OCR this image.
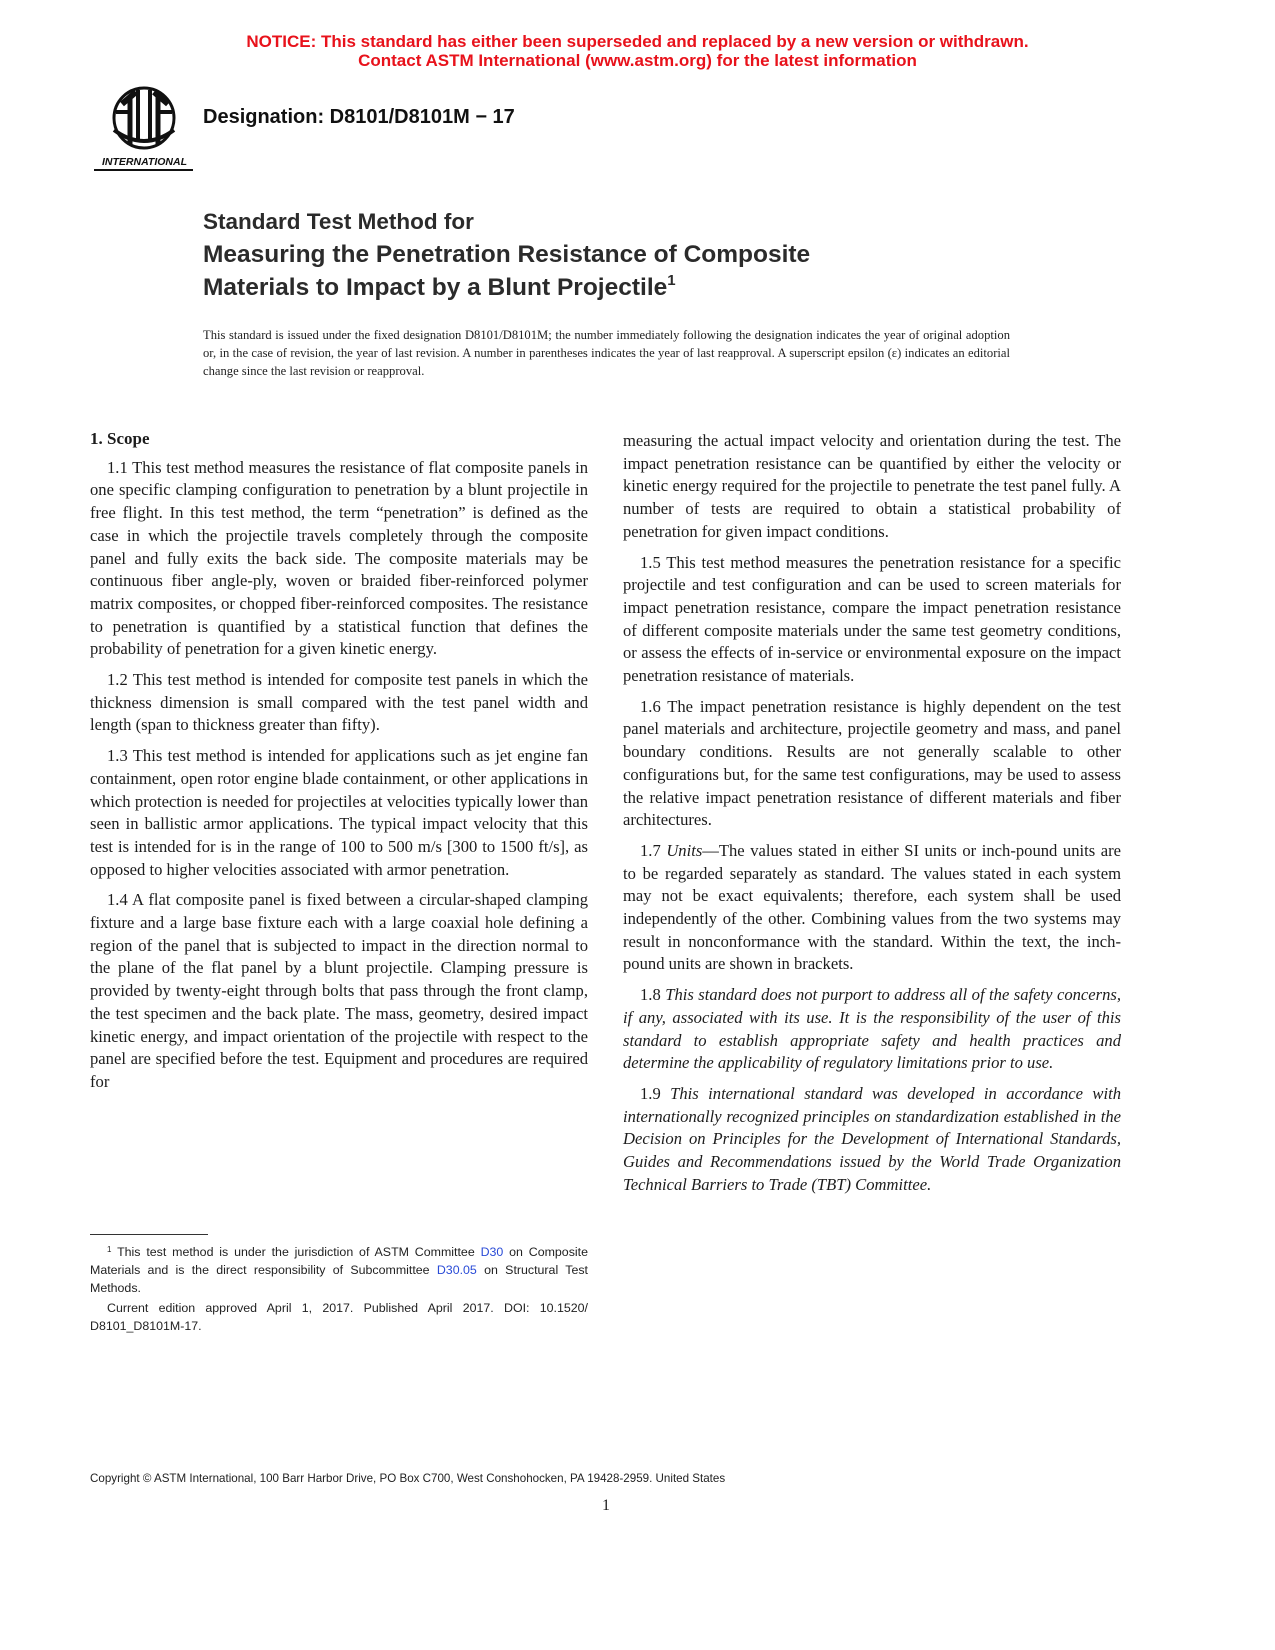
NOTICE: This standard has either been superseded and replaced by a new version or withdrawn.
Contact ASTM International (www.astm.org) for the latest information
INTERNATIONAL
Designation: D8101/D8101M − 17
Standard Test Method for
Measuring the Penetration Resistance of Composite
Materials to Impact by a Blunt Projectile$^1$
This standard is issued under the fixed designation D8101/D8101M; the number immediately following the designation indicates the year of original adoption or, in the case of revision, the year of last revision. A number in parentheses indicates the year of last reapproval. A superscript epsilon (ε) indicates an editorial change since the last revision or reapproval.
1. Scope

1.1 This test method measures the resistance of flat composite panels in one specific clamping configuration to penetration by a blunt projectile in free flight. In this test method, the term “penetration” is defined as the case in which the projectile travels completely through the composite panel and fully exits the back side. The composite materials may be continuous fiber angle-ply, woven or braided fiber-reinforced polymer matrix composites, or chopped fiber-reinforced composites. The resistance to penetration is quantified by a statistical function that defines the probability of penetration for a given kinetic energy.

1.2 This test method is intended for composite test panels in which the thickness dimension is small compared with the test panel width and length (span to thickness greater than fifty).

1.3 This test method is intended for applications such as jet engine fan containment, open rotor engine blade containment, or other applications in which protection is needed for projectiles at velocities typically lower than seen in ballistic armor applications. The typical impact velocity that this test is intended for is in the range of 100 to 500 m/s [300 to 1500 ft/s], as opposed to higher velocities associated with armor penetration.

1.4 A flat composite panel is fixed between a circular-shaped clamping fixture and a large base fixture each with a large coaxial hole defining a region of the panel that is subjected to impact in the direction normal to the plane of the flat panel by a blunt projectile. Clamping pressure is provided by twenty-eight through bolts that pass through the front clamp, the test specimen and the back plate. The mass, geometry, desired impact kinetic energy, and impact orientation of the projectile with respect to the panel are specified before the test. Equipment and procedures are required for

measuring the actual impact velocity and orientation during the test. The impact penetration resistance can be quantified by either the velocity or kinetic energy required for the projectile to penetrate the test panel fully. A number of tests are required to obtain a statistical probability of penetration for given impact conditions.

1.5 This test method measures the penetration resistance for a specific projectile and test configuration and can be used to screen materials for impact penetration resistance, compare the impact penetration resistance of different composite materials under the same test geometry conditions, or assess the effects of in-service or environmental exposure on the impact penetration resistance of materials.

1.6 The impact penetration resistance is highly dependent on the test panel materials and architecture, projectile geometry and mass, and panel boundary conditions. Results are not generally scalable to other configurations but, for the same test configurations, may be used to assess the relative impact penetration resistance of different materials and fiber architectures.

1.7 Units—The values stated in either SI units or inch-pound units are to be regarded separately as standard. The values stated in each system may not be exact equivalents; therefore, each system shall be used independently of the other. Combining values from the two systems may result in nonconformance with the standard. Within the text, the inch-pound units are shown in brackets.

1.8 This standard does not purport to address all of the safety concerns, if any, associated with its use. It is the responsibility of the user of this standard to establish appropriate safety and health practices and determine the applicability of regulatory limitations prior to use.

1.9 This international standard was developed in accordance with internationally recognized principles on standardization established in the Decision on Principles for the Development of International Standards, Guides and Recommendations issued by the World Trade Organization Technical Barriers to Trade (TBT) Committee.

$^1$ This test method is under the jurisdiction of ASTM Committee D30 on Composite Materials and is the direct responsibility of Subcommittee D30.05 on Structural Test Methods.

Current edition approved April 1, 2017. Published April 2017. DOI: 10.1520/ D8101_D8101M-17.

Copyright © ASTM International, 100 Barr Harbor Drive, PO Box C700, West Conshohocken, PA 19428-2959. United States
1
